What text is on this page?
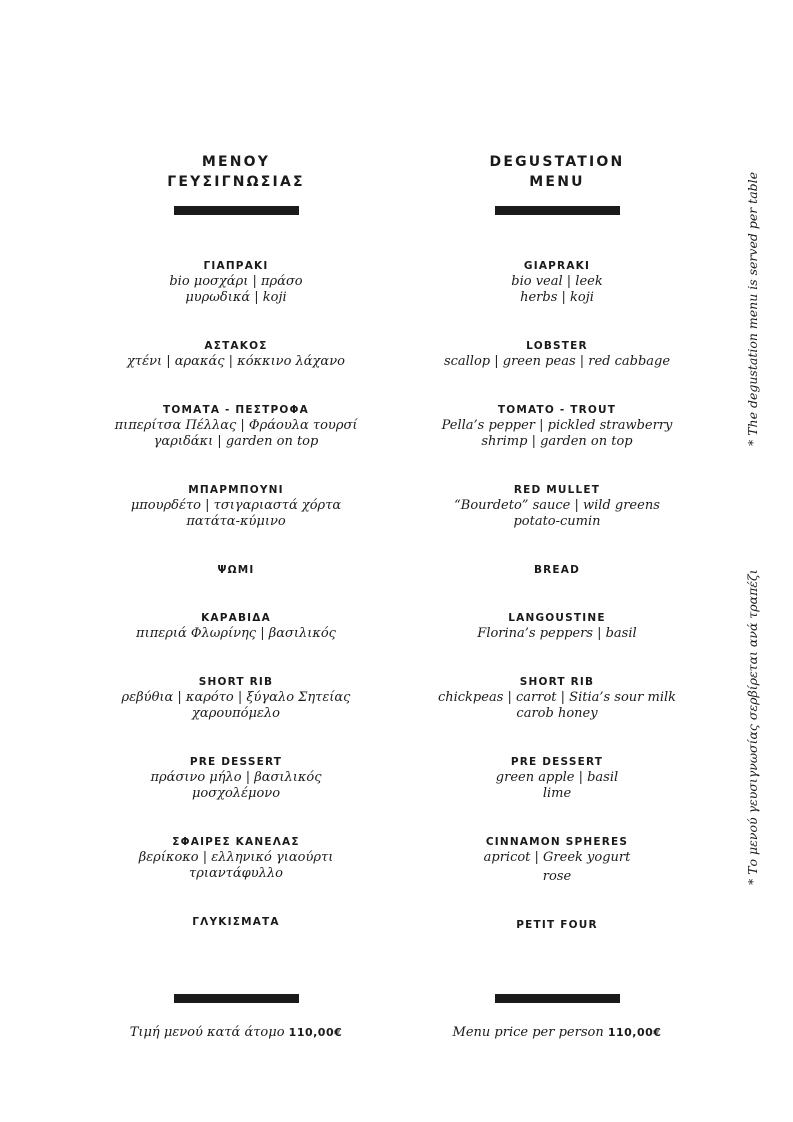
ΜΕΝΟΥ
ΓΕΥΣΙΓΝΩΣΙΑΣ
ΓΙΑΠΡΑΚΙ
bio μοσχάρι | πράσο
μυρωδικά | koji
ΑΣΤΑΚΟΣ
χτένι | αρακάς | κόκκινο λάχανο
ΤΟΜΑΤΑ - ΠΕΣΤΡΟΦΑ
πιπερίτσα Πέλλας | Φράουλα τουρσί
γαριδάκι | garden on top
ΜΠΑΡΜΠΟΥΝΙ
μπουρδέτο | τσιγαριαστά χόρτα
πατάτα-κύμινο
ΨΩΜΙ
ΚΑΡΑΒΙΔΑ
πιπεριά Φλωρίνης | βασιλικός
SHORT RIB
ρεβύθια | καρότο | ξύγαλο Σητείας
χαρουπόμελο
PRE DESSERT
πράσινο μήλο | βασιλικός
μοσχολέμονο
ΣΦΑΙΡΕΣ ΚΑΝΕΛΑΣ
βερίκοκο | ελληνικό γιαούρτι
τριαντάφυλλο
ΓΛΥΚΙΣΜΑΤΑ
Τιμή μενού κατά άτομο 110,00€
DEGUSTATION
MENU
GIAPRAKI
bio veal | leek
herbs | koji
LOBSTER
scallop | green peas | red cabbage
TOMATO - TROUT
Pella’s pepper | pickled strawberry
shrimp | garden on top
RED MULLET
“Bourdeto” sauce | wild greens
potato-cumin
BREAD
LANGOUSTINE
Florina’s peppers | basil
SHORT RIB
chickpeas | carrot | Sitia’s sour milk
carob honey
PRE DESSERT
green apple | basil
lime
CINNAMON SPHERES
apricot | Greek yogurt
rose
PETIT FOUR
Menu price per person 110,00€
* The degustation menu is served per table
* Το μενού γευσιγνωσίας σερβίρεται ανά τραπέζι
